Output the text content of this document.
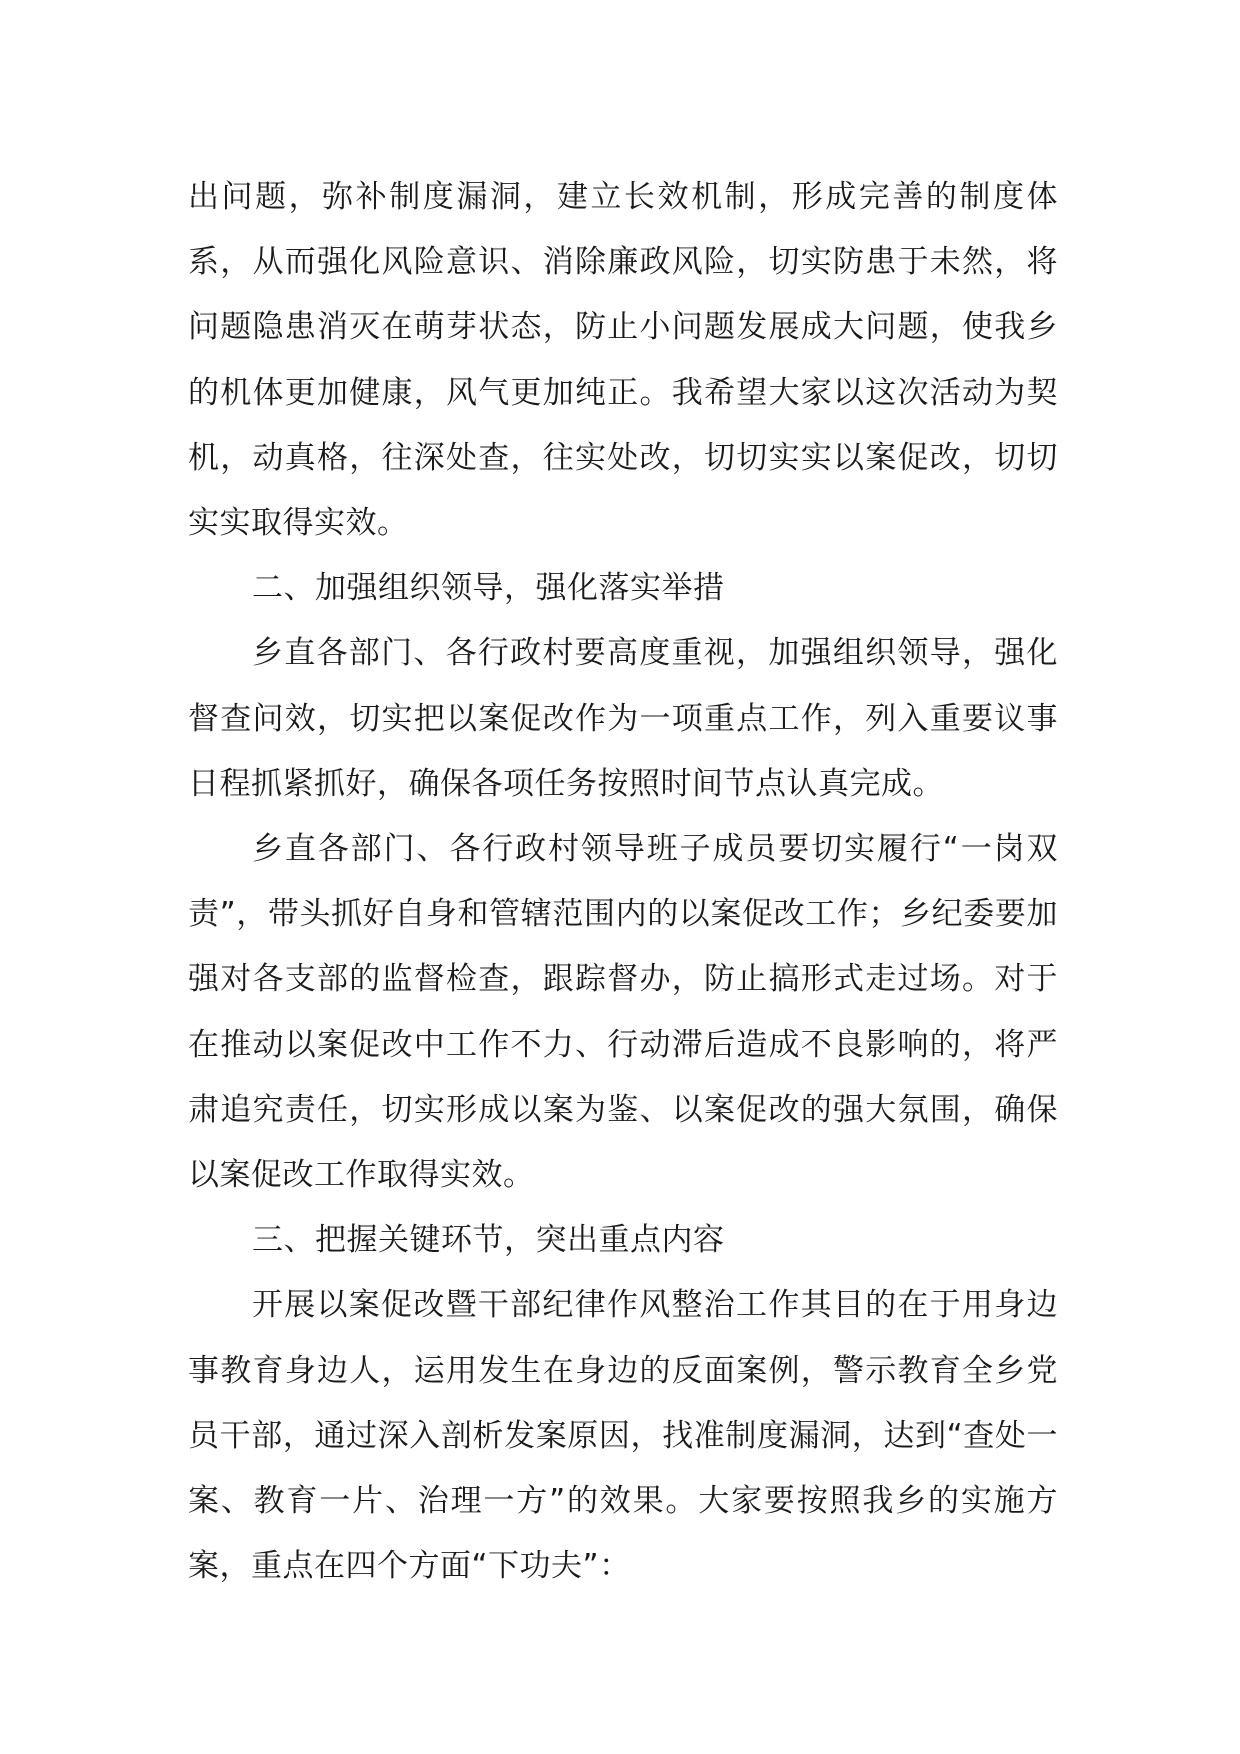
出问题，弥补制度漏洞，建立长效机制，形成完善的制度体系，从而强化风险意识、消除廉政风险，切实防患于未然，将问题隐患消灭在萌芽状态，防止小问题发展成大问题，使我乡的机体更加健康，风气更加纯正。我希望大家以这次活动为契机，动真格，往深处查，往实处改，切切实实以案促改，切切实实取得实效。

二、加强组织领导，强化落实举措

乡直各部门、各行政村要高度重视，加强组织领导，强化督查问效，切实把以案促改作为一项重点工作，列入重要议事日程抓紧抓好，确保各项任务按照时间节点认真完成。

乡直各部门、各行政村领导班子成员要切实履行“一岗双责”，带头抓好自身和管辖范围内的以案促改工作；乡纪委要加强对各支部的监督检查，跟踪督办，防止搞形式走过场。对于在推动以案促改中工作不力、行动滞后造成不良影响的，将严肃追究责任，切实形成以案为鉴、以案促改的强大氛围，确保以案促改工作取得实效。

三、把握关键环节，突出重点内容

开展以案促改暨干部纪律作风整治工作其目的在于用身边事教育身边人，运用发生在身边的反面案例，警示教育全乡党员干部，通过深入剖析发案原因，找准制度漏洞，达到“查处一案、教育一片、治理一方”的效果。大家要按照我乡的实施方案，重点在四个方面“下功夫”：
